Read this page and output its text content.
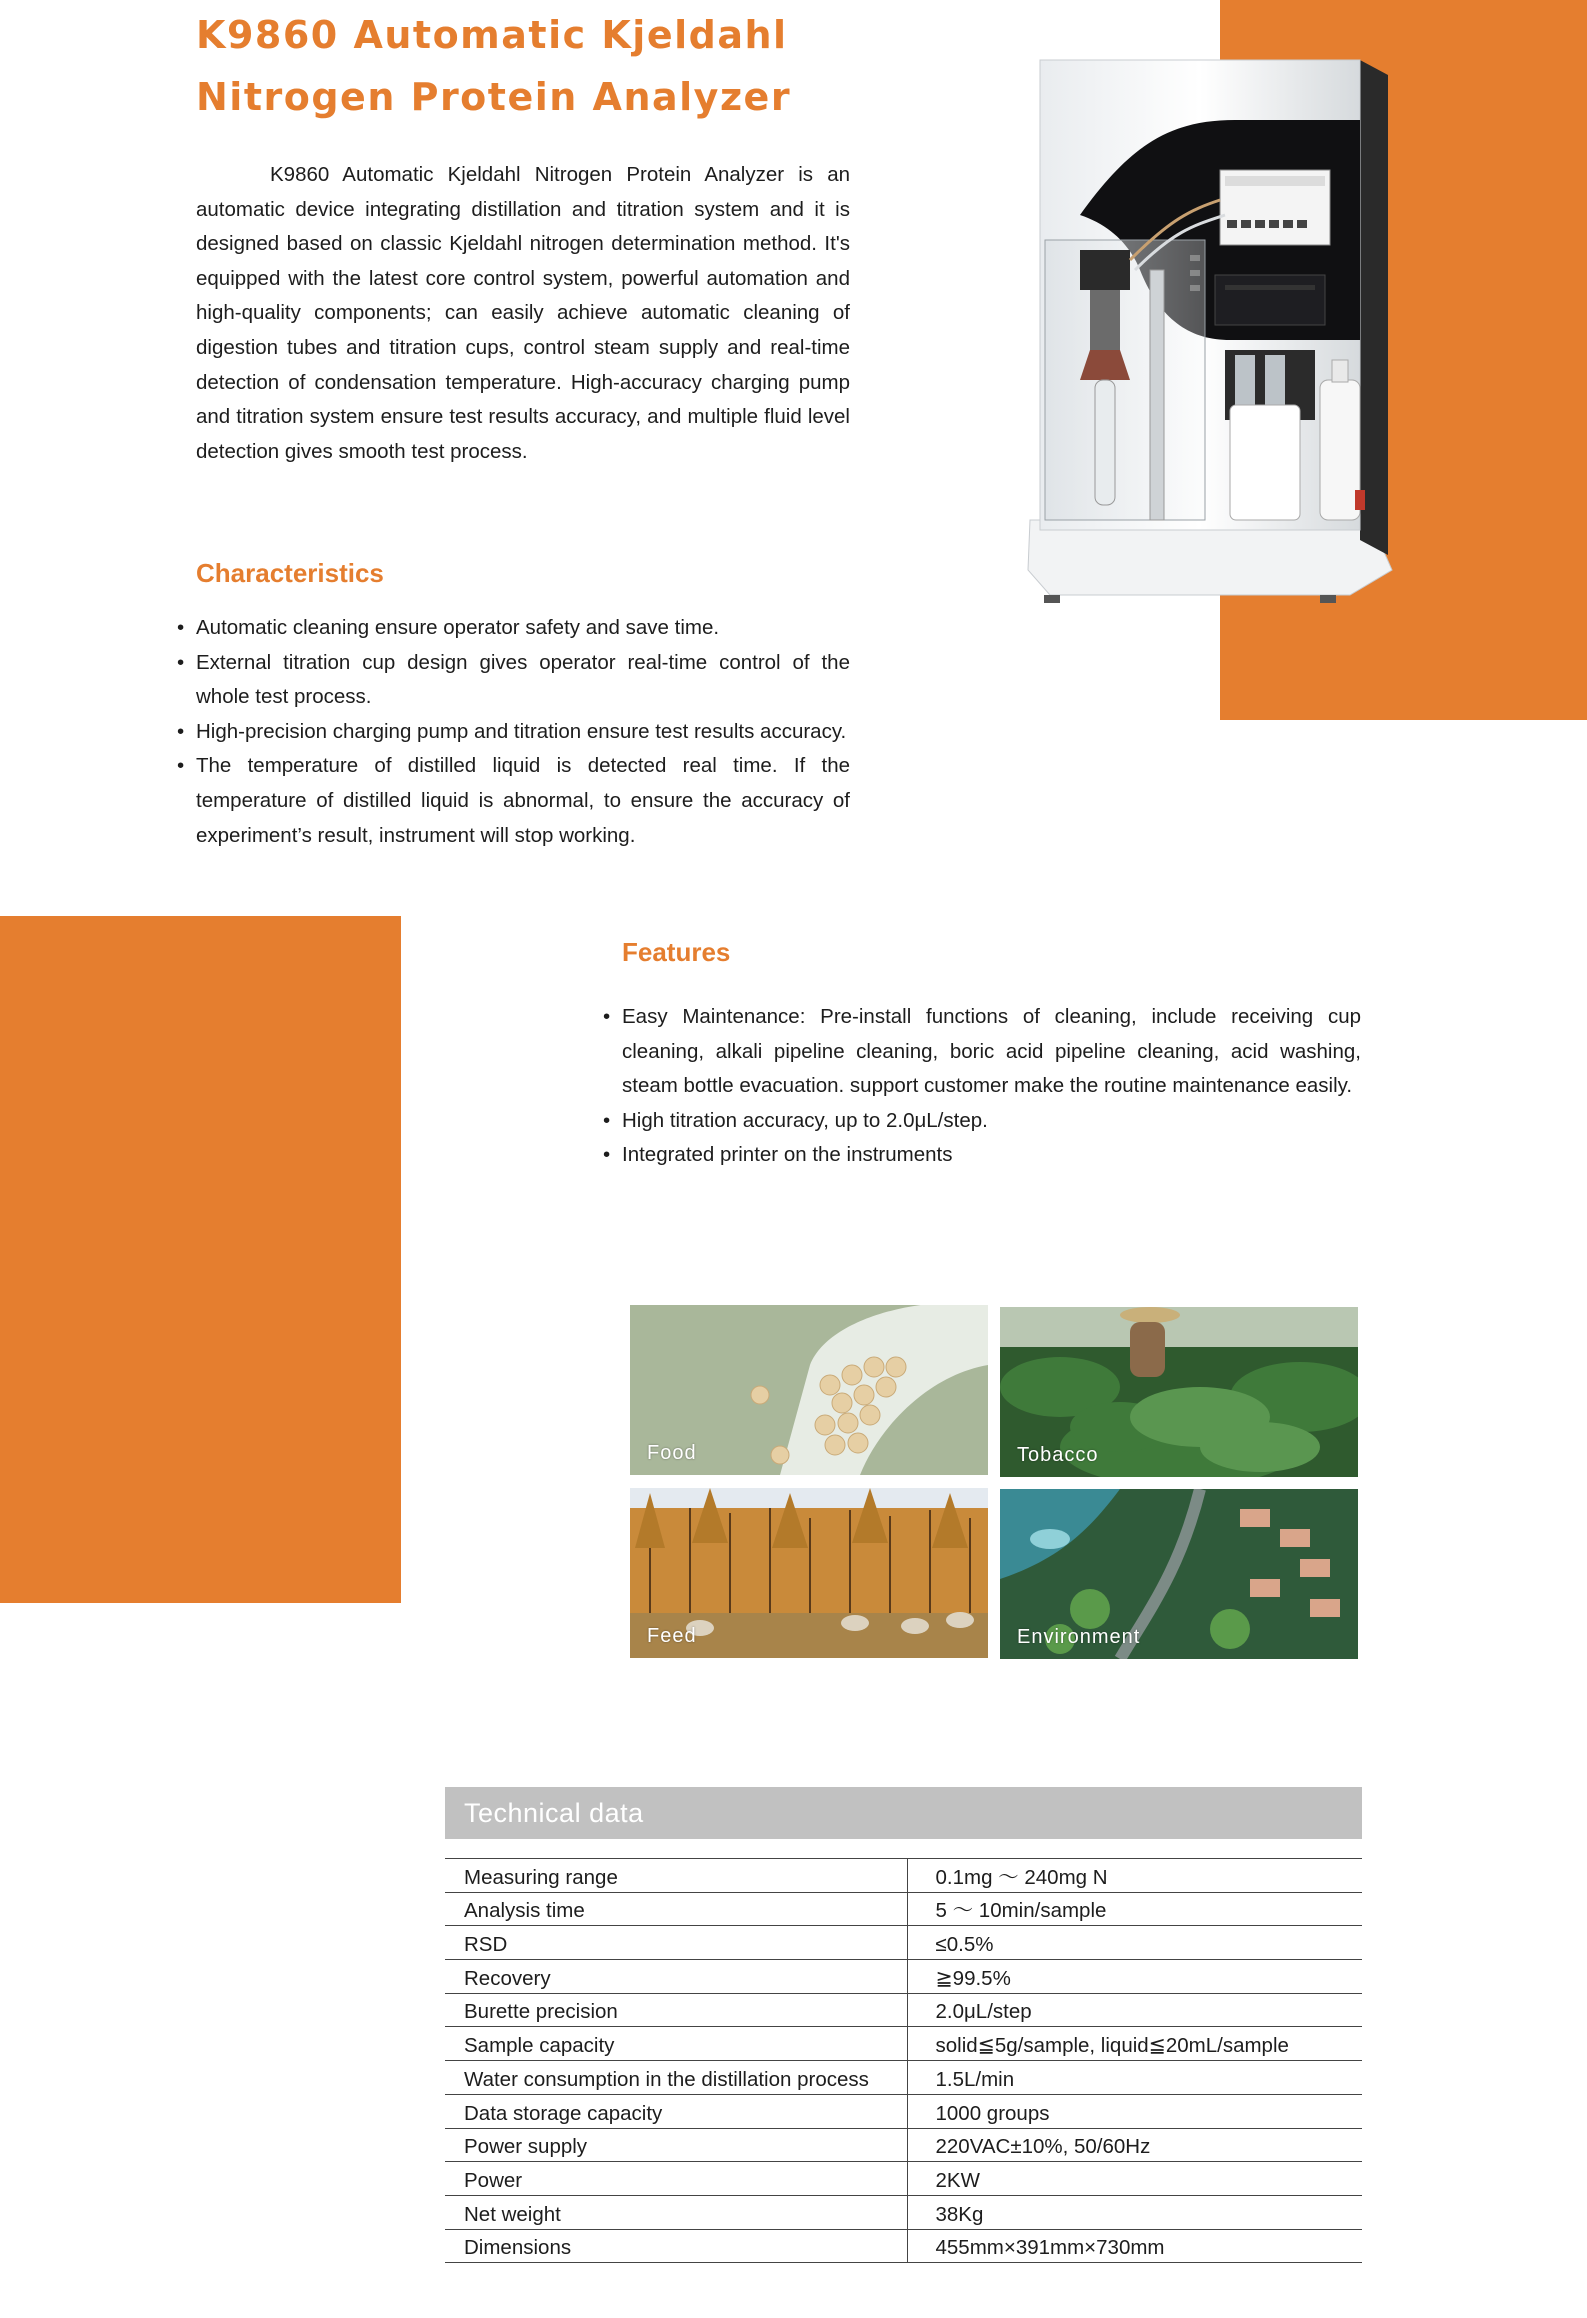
K9860 Automatic Kjeldahl
Nitrogen Protein Analyzer

K9860 Automatic Kjeldahl Nitrogen Protein Analyzer is an automatic device integrating distillation and titration system and it is designed based on classic Kjeldahl nitrogen determination method. It's equipped with the latest core control system, powerful automation and high-quality components; can easily achieve automatic cleaning of digestion tubes and titration cups, control steam supply and real-time detection of condensation temperature. High-accuracy charging pump and titration system ensure test results accuracy, and multiple fluid level detection gives smooth test process.

Characteristics
• Automatic cleaning ensure operator safety and save time.
• External titration cup design gives operator real-time control of the whole test process.
• High-precision charging pump and titration ensure test results accuracy.
• The temperature of distilled liquid is detected real time. If the temperature of distilled liquid is abnormal, to ensure the accuracy of experiment’s result, instrument will stop working.
Features
• Easy Maintenance: Pre-install functions of cleaning, include receiving cup cleaning, alkali pipeline cleaning, boric acid pipeline cleaning, acid washing, steam bottle evacuation. support customer make the routine maintenance easily.
• High titration accuracy, up to 2.0μL/step.
• Integrated printer on the instruments
Food	Tobacco
Feed	Environment
Technical data
Measuring range	0.1mg ～ 240mg N
Analysis time	5 ～ 10min/sample
RSD	≤0.5%
Recovery	≧99.5%
Burette precision	2.0μL/step
Sample capacity	solid≦5g/sample, liquid≦20mL/sample
Water consumption in the distillation process	1.5L/min
Data storage capacity	1000 groups
Power supply	220VAC±10%, 50/60Hz
Power	2KW
Net weight	38Kg
Dimensions	455mm×391mm×730mm
